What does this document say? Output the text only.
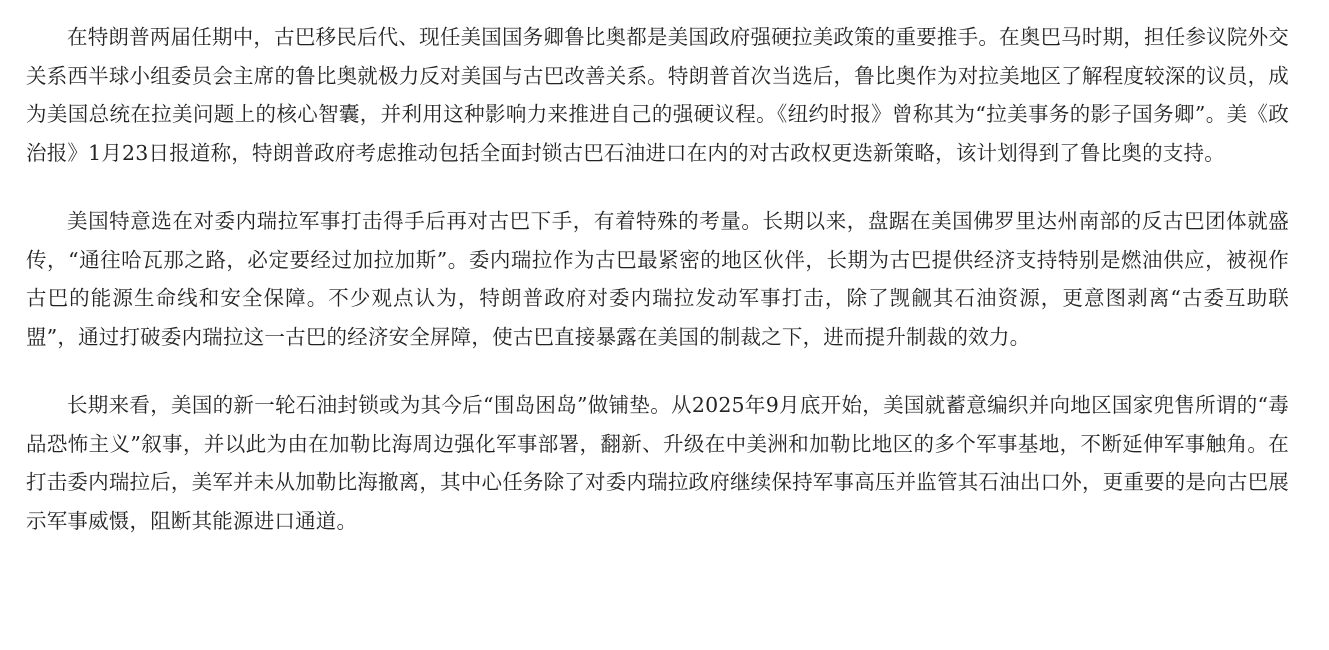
在特朗普两届任期中，古巴移民后代、现任美国国务卿鲁比奥都是美国政府强硬拉美政策的重要推手。在奥巴马时期，担任参议院外交关系西半球小组委员会主席的鲁比奥就极力反对美国与古巴改善关系。特朗普首次当选后，鲁比奥作为对拉美地区了解程度较深的议员，成为美国总统在拉美问题上的核心智囊，并利用这种影响力来推进自己的强硬议程。《纽约时报》曾称其为“拉美事务的影子国务卿”。美《政治报》1月23日报道称，特朗普政府考虑推动包括全面封锁古巴石油进口在内的对古政权更迭新策略，该计划得到了鲁比奥的支持。

美国特意选在对委内瑞拉军事打击得手后再对古巴下手，有着特殊的考量。长期以来，盘踞在美国佛罗里达州南部的反古巴团体就盛传，“通往哈瓦那之路，必定要经过加拉加斯”。委内瑞拉作为古巴最紧密的地区伙伴，长期为古巴提供经济支持特别是燃油供应，被视作古巴的能源生命线和安全保障。不少观点认为，特朗普政府对委内瑞拉发动军事打击，除了觊觎其石油资源，更意图剥离“古委互助联盟”，通过打破委内瑞拉这一古巴的经济安全屏障，使古巴直接暴露在美国的制裁之下，进而提升制裁的效力。

长期来看，美国的新一轮石油封锁或为其今后“围岛困岛”做铺垫。从2025年9月底开始，美国就蓄意编织并向地区国家兜售所谓的“毒品恐怖主义”叙事，并以此为由在加勒比海周边强化军事部署，翻新、升级在中美洲和加勒比地区的多个军事基地，不断延伸军事触角。在打击委内瑞拉后，美军并未从加勒比海撤离，其中心任务除了对委内瑞拉政府继续保持军事高压并监管其石油出口外，更重要的是向古巴展示军事威慑，阻断其能源进口通道。
